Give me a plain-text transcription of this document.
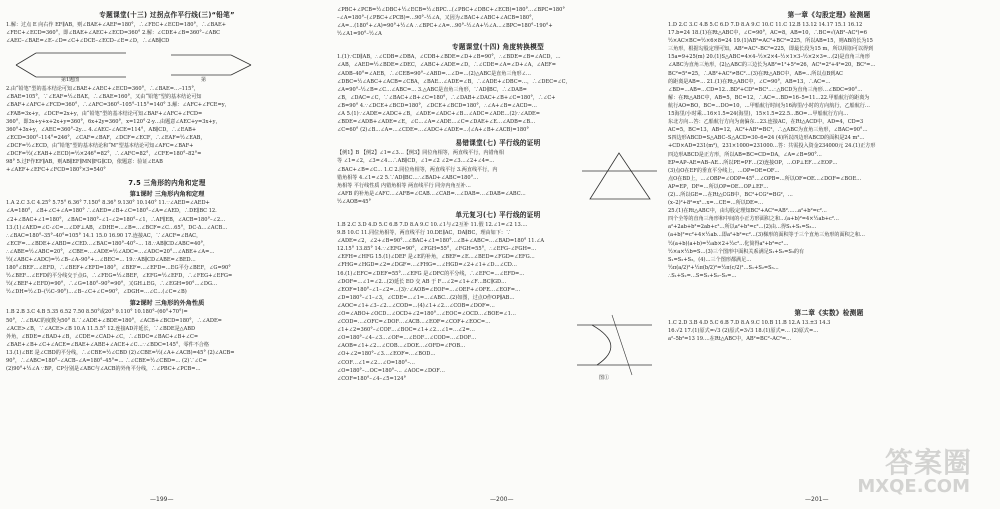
专题课堂(十三) 过拐点作平行线(三)“铅笔”
1.解：过点 E 向右作 EF∥AB，则∠BAE+∠AEF=180°，∴∠FEC+∠ECD=180°，∴∠BAE+
∠FEC+∠ECD=360°，即∠BAE+∠AEC+∠ECD=360° 2.解：∠CDE+∠B=360°–∠ABC
∠AEC–∠BAE=∠E–∠D=∠C+∠DCE–∠ECD–∠E=∠D，∴∠AB∥CD
第1题图	第
2.由“铅笔”型的基本结论可知∠BAE+∠AEC+∠ECD=360°，∴∠BAE=…–115°，
∠BAE=105°，∵∠EAF=½∠BAE，∴∠BAE=160°，又由“铅笔”型的基本结论可知
∠BAF+∠AFC+∠FCD=360°，∴∠AFC=360°–105°–115°=140° 3.解：∠AFC+∠FCE=y，
∠FAB=3x+y，∠DCF=2x+y，由“铅笔”型的基本结论可知∠BAF+∠AFC+∠FCD=
360°，即3x+y+x+2x+y=360°，6x+2y=360°，x=120°·2·y…由题意∠AEC+y=3x+y，
360°+3x+y，∠AEC=360°–2y… 4.∠AEC–∠ACE=114°，AB∥CD，∴∠EAB+
∠ECD=300°–114°=246°，∠CAF=∠BAF，∠DCF=∠ECF，∴∠EAF=½∠EAB，
∠DCF=½∠ECD，由“铅笔”型的基本结论和“M”型基本结论可知∠AFC=∠BAF+
∠DCF=½(∠EAB+∠ECD)=½×246°=82°，∴∠AFC=82°，∠CFE=180°–82°=
98° 5.过F作EF∥AB，则AB∥EF∥MN∥FG∥CD，依题意：验证∠EAB
+∠AEF+∠EFC+∠FCD=180°×3=540°
7.5 三角形的内角和定理
第1课时 三角形内角和定理
1.A 2.C 3.C 4.25° 5.75° 6.36° 7.150° 8.36° 9.130° 10.140° 11.∵∠AED=∠AED+
∠A=180°，∠B+∠C+∠A=180° ∴∠AED=∠B+∠C=180°–∠A=∠AED，∴DE∥BC 12.
∠2+∠BAC+∠1=180°，∠BAC=180°–∠1–∠2=180°–∠1，∴AF∥EB，∠ACB=180°–∠2…
13.(1)∠AED=∠C·∠C=…∠DF⊥AB，∠DHE=…∠B=…∠BCF=∠C…65°，DC·Δ…∠ACB…
∴∠BAC=180°–35°–40°=105° 14.1 15.0 16.90 17.连接AC，∵∠ACF=∠BAC，
∠ECF=…∠BDE+∠ABD=∠CED…∠BAC=180°–40°–… 18.∵AB∥CD∠ABC=40°，
∴∠ABE=½∠ABC=20°，∠CBE=…∠ADE=½∠ADC=…∠ADC=20°…∠ABE+∠A=…
½(∠ABC+∠ADC)=½∠B–∠A–90°+…∠BEC=… 19.∵AB∥CD∠ABE=∠BED…
180°∠BEF…∠EFD，∴∠BEF+∠EFD=180°，∠BEF=…∠EFD=…EG平分∠BEF，∠G=90°
½∠BEF…∠EFD的平分线交于点G，∴∠FEG=½∠BEF，∠EFG=½∠EFD，∴∠FEG+∠EFG=
½(∠BEF+∠EFD)=90°，∴∠G=180°–90°=90°，又GH⊥EG，∴∠EGH=90°…∠DG…
½∠DH=½∠D–(½C–90°)…∠B–∠C+∠C=90°，∠DGH=…∠C…(∠C=∠B)
第2课时 三角形的外角性质
1.B 2.B 3.C 4.B 5.35 6.52 7.50 8.50°或20° 9.110° 10.180°–(60°+70°)=
50°，∴∠BAC的度数为50° 8.∵∠ADE+∠BDE=180°，∠ACB+∠BCD=180°，∴∠ADE=
∠ACE>∠B，∵∠ACE>∠B 10.A 11.5.5° 12.连接AD并延长，∵∠BDE是△ABD
外角，∠BDE=∠BAD+∠B，∠CDE=∠CAD+∠C，∴∠BDC=∠BAC+∠B+∠C=
∠BAE+∠B+∠C+∠ACE=∠BAE+∠ABE+∠ACE+∠C…∵∠BDC=145°，零件不合格
13.(1)∠BE 是∠CBD的平分线，∴∠CBE=½∠CBD (2)∠CBE=½(∠A+∠ACB)=45° (2)∠ACB=
90°，∴∠ABC=180°–∠ACB–∠A=180°–45°=… ∴∠CBE=½∠CBD=… (2)∵∠C=
(2)90°+½∠A ∵BP，CP分别是∠ABC与∠ACB的外角平分线，∴∠PBC+∠PCB=…
∠PBC+∠PCB=½∠DBC+½∠ECB=½∠BPC…(∠PBC+∠DBC+∠ECB)=180°…∠BPC=180°
–∠A=180°–(∠PBC+∠PCB)=…90°–½∠A，又因为∠BAC+∠ABC+∠ACB=180°，
∠A=…(180°+∠A)=90°+½∠A ∴∠BPC+∠A=…90°–½∠A+½∠A…∠BPC=180°–190°+
½∠A1=90°–½∠A
专题课堂(十四) 角度转换模型
1.(1)∵CD∥AB，∴∠CDB=∠DBA，∠CDB+∠BDE=∠D+∠B=90°，∴∠BDE=∠B=∠ACD，…
∠AB，∠AED=½∠BDE=∠DEC，∠ABC+∠ADE=∠D，∴∠CDE=∠A=∠D+∠A，∠AEF=
∠ADB–40°=∠AEB，∴∠CEB=90°–∠ABD=…∠D=…(2)△ABC是直角三角形∠…
∠DBC=½∠ABC+∠ACB=∠CBA，∠BAE…∠ADE=∠B，∴∠ADE+∠DBC=…，∴∠DEC=∠C，
∠A=90°–½∠B=∠C…∠ABC=… 3.△ABC是直角三角形，∵AD∥BC，∴∠DAB=
∠B，∠DAC=∠C，∵∠BAC+∠B+∠C=180°，∴∠DAB+∠DAC+∠B+∠C=180°，∴∠C+
∠B=90° 4.∵∠DCE+∠BCD=180°，∠DCE+∠BCD=180°，∴∠A+∠B=∠ACD=…
∠A 5.(1)∵∠ADE=∠ADC+∠B，∠ADE=∠ADC+∠B…∠ADC=∠ADE…(2)∵∠ADE=
∠BDE=∠ADB+∠ADE=∠E，∠C…∠A=∠ADE…∠C=∠DAE+∠E…∠ADB=∠B…
∠C=60° (2)∠B…∠A=…∠CDE=…∠ADC+∠ADE=…(∠A+∠B+∠ACB)=180°
易错课堂(七) 平行线的证明
【例1】B 【例2】∠1=∠3…【例3】同位角相等，两直线平行，内错角相
等 ∠1=∠2，∠3=∠4…∴AB∥CD，∠1=∠2 ∠2=∠3…∠2+∠4=…
∠BAC+∠B=∠C… 1.C 2.同位角相等，两直线平行 3.两直线平行，内
错角相等 4.∠1=∠2 5.∵AD∥BC…∴∠BAD+∠ABC=180°…
角相等 平行线性质 内错角相等 两直线平行 同旁内角互补…
∠AFB 的补角是∠AFC…∠AFB=∠CAB…∠CAB=…∠DAB=…∠DAB=∠ABC…
½∠AOB=45°
单元复习(七) 平行线的证明
1.B 2.C 3.D 4.D 5.C 6.B 7.D 8.A 9.C 10.∠1与∠2互补 11.假 12.∠1=∠2 13.…
9.B 10.C 11.同位角相等，两直线平行 10.DE∥AC，DA∥BC，理由如下：∵
∠ADE=∠2，∠2+∠B=90°…∠BAC+∠1=180°…∠B+∠ABC=…∠BAD=180° 11.∠A
12.15° 13.85° 14.∵∠EFG=90°，∠FGH=55°，∠FGH=55°，∴∠EFG–∠FGH=…
∠EFH=∠HFG 15.(1)∠DEF 是∠E的补角，∠BEF=∠E…∠BED=∠FGD=∠EFG…
∠FHG=∠HGD=∠2=∠DGF=…∠FHG=…∠HGD=∠2+∠1+∠D…∠CD…
16.(1)∠EFC=∠DEF=55°…∠EFG 是∠DFC的平分线，∴∠EFC=…∠EFD=…
∠DOF=…∠1=∠2…(2)延长 EO 交 AB 于 F…∠2=∠1+∠F…BC∥GD…
∠EOF=180°–∠1–∠2=…(3)∵∠AOB=∠EOF=…∠OEF+∠OFE…∠EOF=…
∠D=180°–∠1–∠3，∠CDE=…∠1=…∠ABC…(2)如图，过点O作OP∥AB…
∠AOC=∠1+∠3–∠2…∠COD=…(4)∠1+∠2…∠COB=∠DOF=…
∠O=∠ABO+∠OCD…∠OCD+∠2=180°…∠EOC=∠OCD…∠BOE=∠1…
∠COD=…∠OFC=∠DOF…∠ACB…∠EOF=∠COF+∠EOC=…
∠1+∠2=360°–∠COF…∠BOC=∠1+∠2…∠1=…∠2=…
∠O=180°–∠4–∠3…∠OF=…∠EOF…∠COD=…∠DOF…
∠AOB=∠1+∠2…∠COB…∠DOE…∠OFD=∠FOB…
∠O+∠2=180°–∠3…∠EOF=…∠BOD…
∠COF…∠1=∠2…∠O=180°–…
∠O=180°–…OC=180°–… ∠AOC=∠DOF…
∠COF=180°–∠4–∠5=124°	图①
第一章《勾股定理》检测题
1.D 2.C 3.C 4.B 5.C 6.D 7.D 8.A 9.C 10.C 11.C 12.B 13.12 14.17 15.1 16.12
17.b=24 18.(1)在Rt△ABC中，∠C=90°，AC=8，AB=10，∴BC=√(AB²–AC²)=6
½×AC×BC=½×6×8=24 19.(1)AB²=AC²+BC²=225，所以AB=15，则AB的长为15
三角形，根据勾股定理可知，AB²=AC²–BC²=225，即最长段为15 m，所以相加可以得到
15a=9+25(m) 20.(1)S△ABC=4×4–½×2×4–½×1×3–½×2×3=…(2)是直角三角形
∠ABC为直角三角形，(2)△ABC的三边长为AB²=1²+5²=26，AC²=2²+4²=20，BC²=…
BC²=5²=25，∴AB²+AC²≠BC²…(3)在Rt△ABC中，AB=…所以点B到AC
的距离是AB=… 21.(1)在Rt△ABC中，∠C=90°，AB=13，∴AC=…
∠BD=…AB=…CD=12…BD²+CD²=BC²…∴△BCD为直角三角形…∠BDC=90°…
解：在Rt△ABC中，AB=5，BC=12，∴AC=…BD=16–5=11…22.甲船航行的距离为
航行AO=BO，BC=…DO=10，…甲船航行时间为16海里/小时的方向航行，乙船航行…
15海里/小时乘…16×1.5=24(海里)，15×1.5=22.5…BO=…甲船航行方向…
东北方向…答：乙船航行方向为南偏东…23.连接AC，在Rt△ACD中，AD=4，CD=3
AC=5，BC=13，AB=12，AC²+AB²=BC²，∴△ABC为直角三角形，∠BAC=90°…
S四边形ABCD=S△ABC–S△ACD=30–6=24 (4)所以四边形ABCD的面积是24 m²…
+CD×AD=231(m²)，231×1000=231000…答：共需投入资金234000元 24.(1)正方形
四边形ABCD是正方形，所以AB=BC=CD=DA，∠A=∠B=90°…
EP=AP–AE=AB–AE…所以PE=PF…(2)连接OP，…OP⊥EF…∠EOP…
(3)点O在EF的垂直平分线上，…OP=OE=OF…
点O在BD上，…∠OBP=∠ODP=45°…∠OPB=…所以OF=OE…∠DOF=∠BOE…
AP=EP，DF=…所以OP=OE…OP⊥EF…
(2)…所以GE=…在Rt△CGB中，BC²+CG²=BG²，…
(x–2)²+8²=x²…x=…CE=…所以DE=…
25.(1)在Rt△ABC中，由勾股定理知BC²+AC²=AB²……a²+b²=c²…
四个全等的直角三角形和中间的小正方形面积之和…(a+b)²=4×½ab+c²…
a²+2ab+b²=2ab+c²…所以a²+b²=c²…(2)由…得S₁+S₂=S₃…
(a+b)²=c²+4×½ab…即a²+b²=c²…(3)梯形的面积等于三个直角三角形的面积之和…
½(a+b)(a+b)=½ab×2+½c²…化简得a²+b²=c²…
½×a×½b=S…(3)三个图形中面积关系满足S₁+S₂=S₃的有
S₁=S₂+S₃，(4)…三个图形都满足…
½π(a/2)²+½π(b/2)²=½π(c/2)²…S₁+S₂=S₃…
∴S₁+S₂=…S=S₁+S₂–S₃=…
第二章《实数》检测题
1.C 2.D 3.B 4.D 5.C 6.B 7.D 8.A 9.C 10.B 11.B 12.A 13.±3 14.3
16.√2 17.(1)原式=√3 (2)原式=3√3 18.(1)原式=… (2)原式=…
a²–5b²=13 19.…在Rt△ABC中，AB²=BC²–AC²=…
—199—	—200—	—201—
答案圈
MXQE.COM
